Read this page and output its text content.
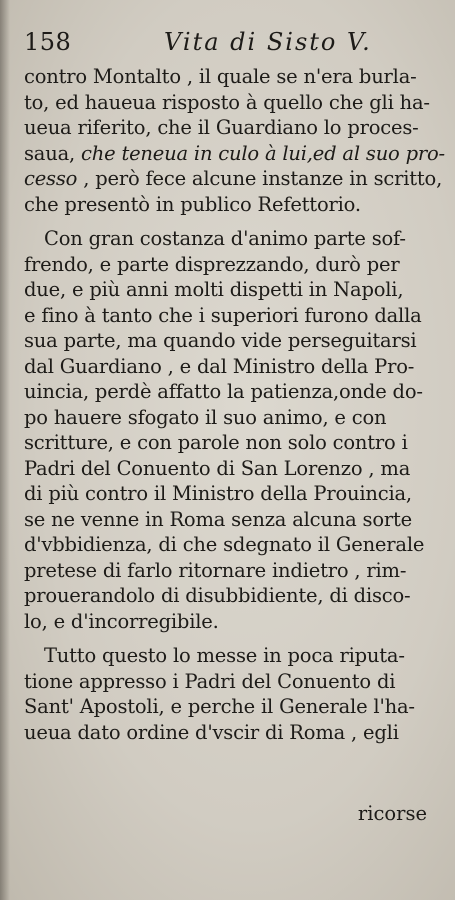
158	Vita di Sisto V.
contro Montalto , il quale se n'era burla-
to, ed haueua risposto à quello che gli ha-
ueua riferito, che il Guardiano lo proces-
saua, che teneua in culo à lui,ed al suo pro-
cesso , però fece alcune instanze in scritto,
che presentò in publico Refettorio.
Con gran costanza d'animo parte sof-
frendo, e parte disprezzando, durò per
due, e più anni molti dispetti in Napoli,
e fino à tanto che i superiori furono dalla
sua parte, ma quando vide perseguitarsi
dal Guardiano , e dal Ministro della Pro-
uincia, perdè affatto la patienza,onde do-
po hauere sfogato il suo animo, e con
scritture, e con parole non solo contro i
Padri del Conuento di San Lorenzo , ma
di più contro il Ministro della Prouincia,
se ne venne in Roma senza alcuna sorte
d'vbbidienza, di che sdegnato il Generale
pretese di farlo ritornare indietro , rim-
prouerandolo di disubbidiente, di disco-
lo, e d'incorregibile.
Tutto questo lo messe in poca riputa-
tione appresso i Padri del Conuento di
Sant' Apostoli, e perche il Generale l'ha-
ueua dato ordine d'vscir di Roma , egli
ricorse
